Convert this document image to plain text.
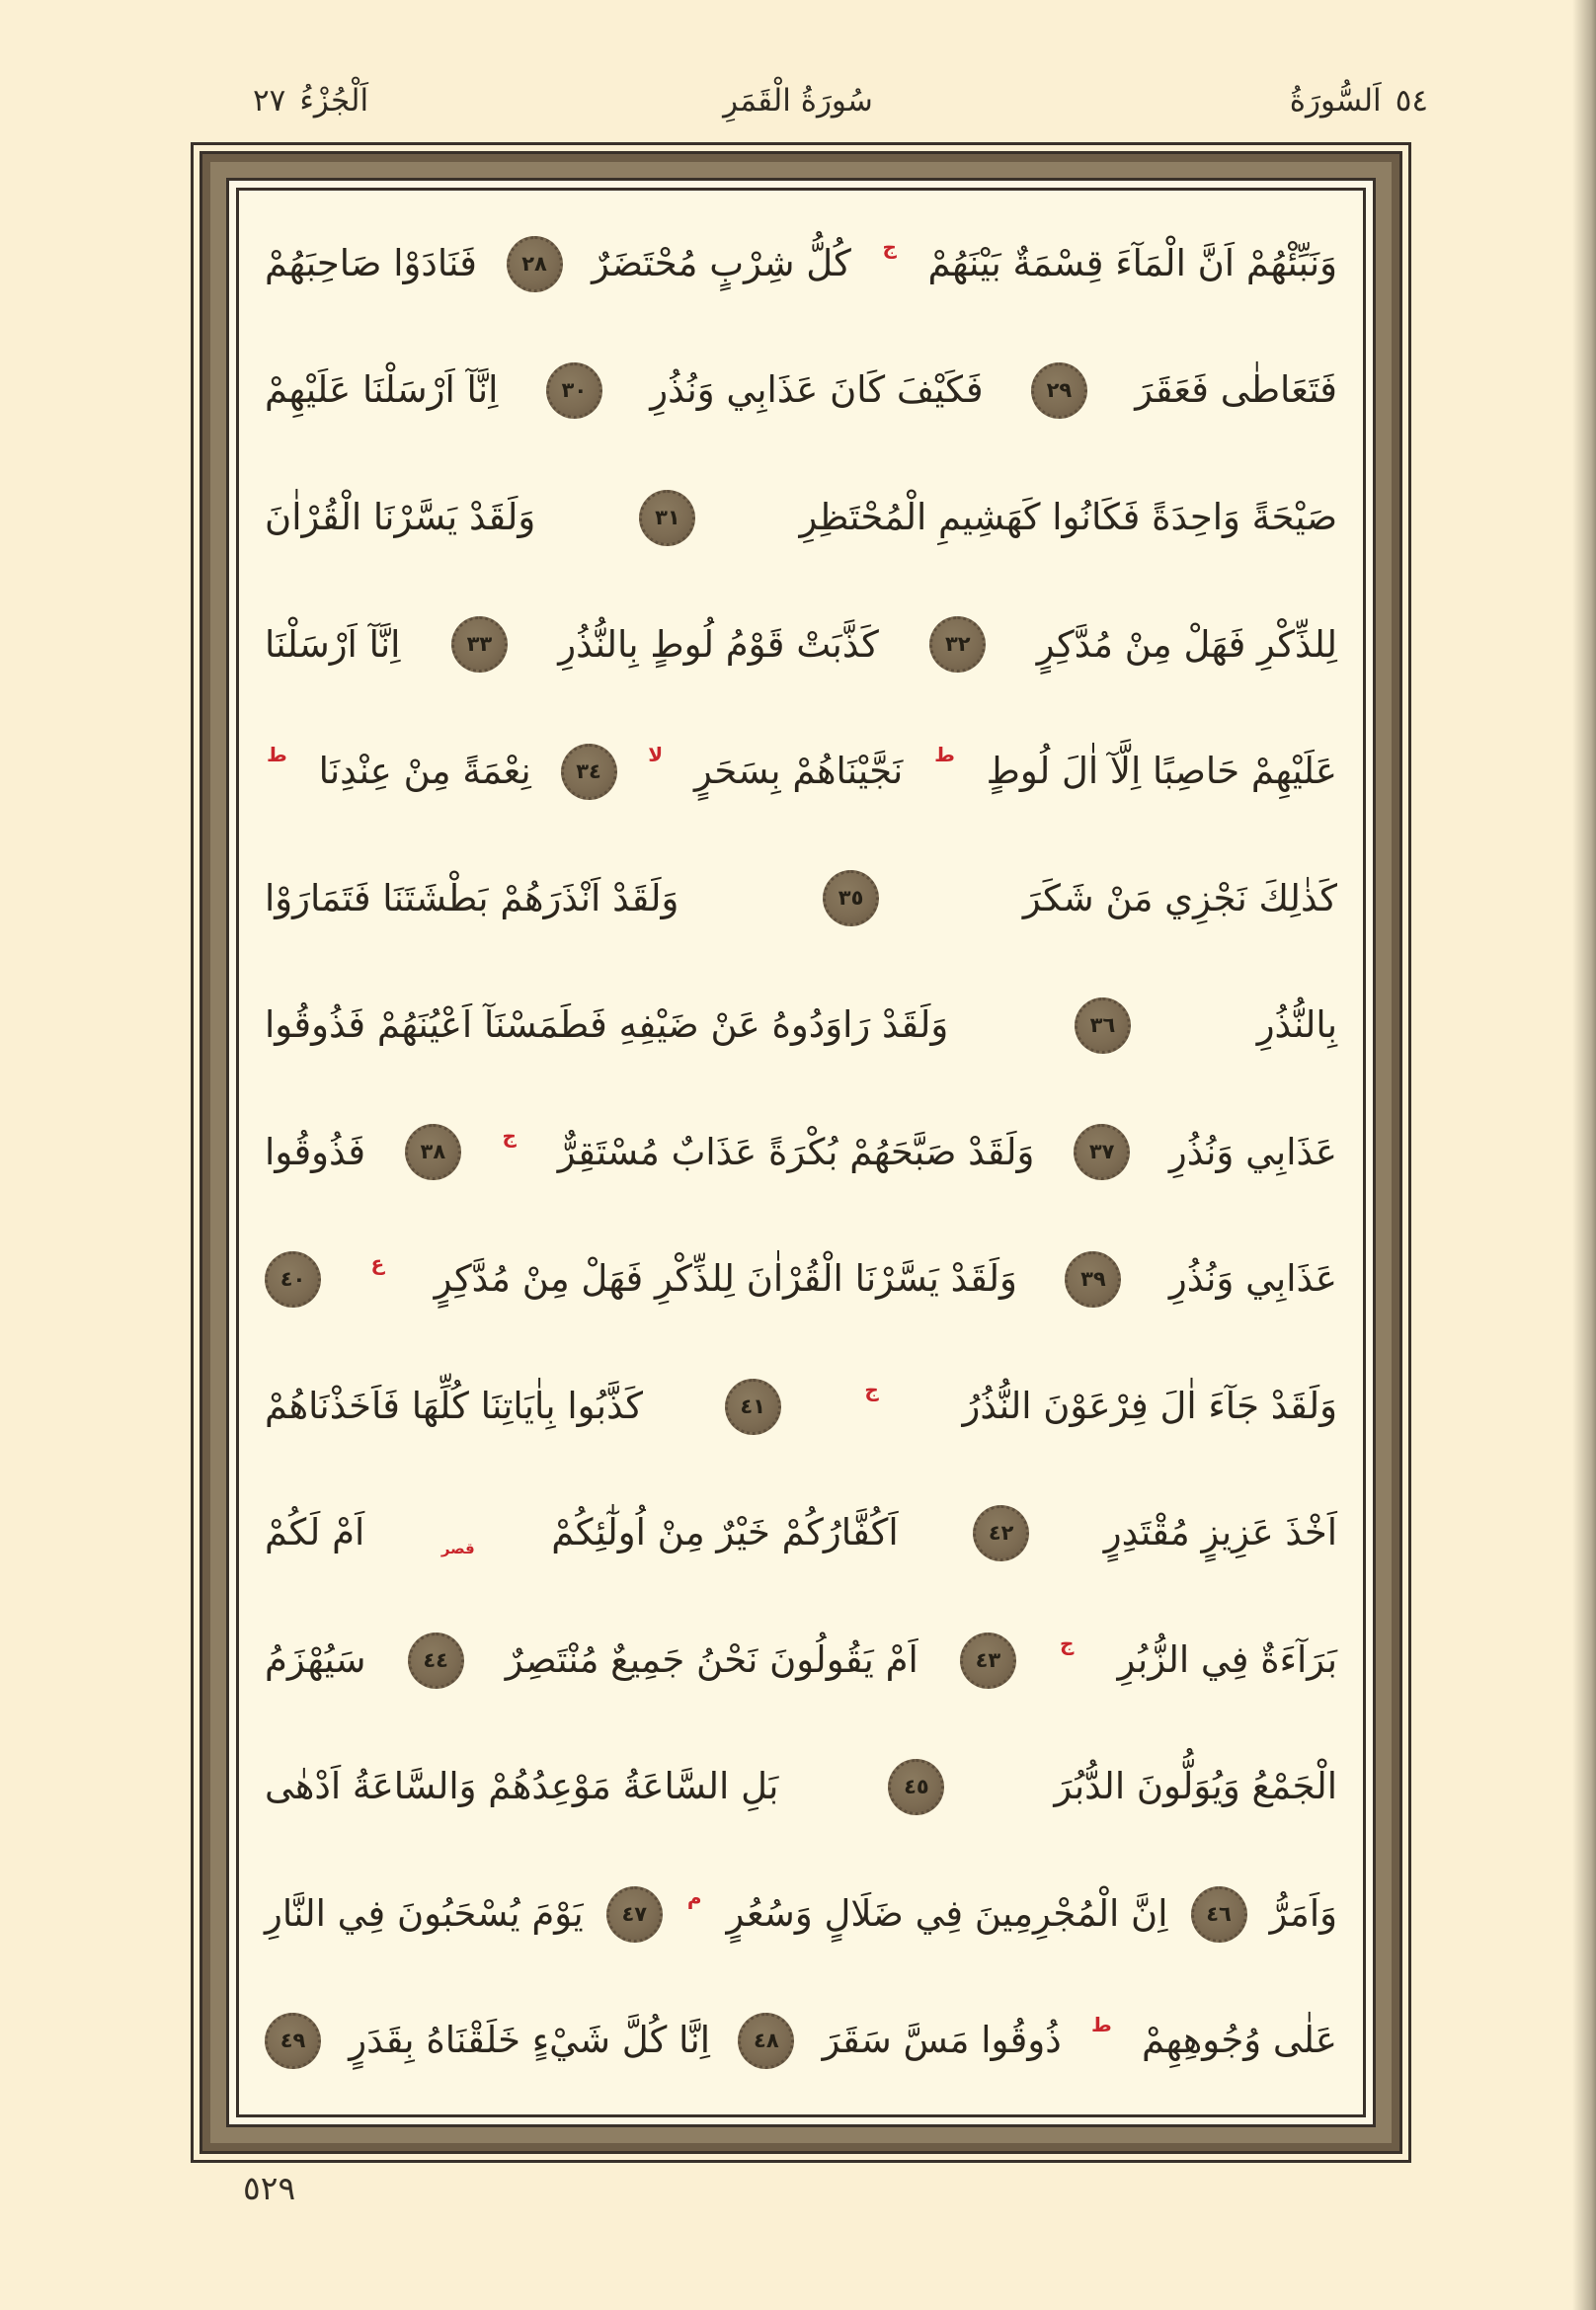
٢٧ اَلْجُزْءُ	سُورَةُ الْقَمَرِ	اَلسُّورَةُ ٥٤
وَنَبِّئْهُمْ اَنَّ الْمَآءَ قِسْمَةٌ بَيْنَهُمْ
ج
كُلُّ شِرْبٍ مُحْتَضَرٌ
٢٨
فَنَادَوْا صَاحِبَهُمْ
فَتَعَاطٰى فَعَقَرَ
٢٩
فَكَيْفَ كَانَ عَذَابِي وَنُذُرِ
٣٠
اِنَّآ اَرْسَلْنَا عَلَيْهِمْ
صَيْحَةً وَاحِدَةً فَكَانُوا كَهَشِيمِ الْمُحْتَظِرِ
٣١
وَلَقَدْ يَسَّرْنَا الْقُرْاٰنَ
لِلذِّكْرِ فَهَلْ مِنْ مُدَّكِرٍ
٣٢
كَذَّبَتْ قَوْمُ لُوطٍ بِالنُّذُرِ
٣٣
اِنَّآ اَرْسَلْنَا
عَلَيْهِمْ حَاصِبًا اِلَّآ اٰلَ لُوطٍ
ط
نَجَّيْنَاهُمْ بِسَحَرٍ
لا
٣٤
نِعْمَةً مِنْ عِنْدِنَا
ط
كَذٰلِكَ نَجْزِي مَنْ شَكَرَ
٣٥
وَلَقَدْ اَنْذَرَهُمْ بَطْشَتَنَا فَتَمَارَوْا
بِالنُّذُرِ
٣٦
وَلَقَدْ رَاوَدُوهُ عَنْ ضَيْفِهِ فَطَمَسْنَآ اَعْيُنَهُمْ فَذُوقُوا
عَذَابِي وَنُذُرِ
٣٧
وَلَقَدْ صَبَّحَهُمْ بُكْرَةً عَذَابٌ مُسْتَقِرٌّ
ج
٣٨
فَذُوقُوا
عَذَابِي وَنُذُرِ
٣٩
وَلَقَدْ يَسَّرْنَا الْقُرْاٰنَ لِلذِّكْرِ فَهَلْ مِنْ مُدَّكِرٍ
ع
٤٠
وَلَقَدْ جَآءَ اٰلَ فِرْعَوْنَ النُّذُرُ
ج
٤١
كَذَّبُوا بِاٰيَاتِنَا كُلِّهَا فَاَخَذْنَاهُمْ
اَخْذَ عَزِيزٍ مُقْتَدِرٍ
٤٢
اَكُفَّارُكُمْ خَيْرٌ مِنْ اُولٰٓئِكُمْ
قصر
اَمْ لَكُمْ
بَرَآءَةٌ فِي الزُّبُرِ
ج
٤٣
اَمْ يَقُولُونَ نَحْنُ جَمِيعٌ مُنْتَصِرٌ
٤٤
سَيُهْزَمُ
الْجَمْعُ وَيُوَلُّونَ الدُّبُرَ
٤٥
بَلِ السَّاعَةُ مَوْعِدُهُمْ وَالسَّاعَةُ اَدْهٰى
وَاَمَرُّ
٤٦
اِنَّ الْمُجْرِمِينَ فِي ضَلَالٍ وَسُعُرٍ
م
٤٧
يَوْمَ يُسْحَبُونَ فِي النَّارِ
عَلٰى وُجُوهِهِمْ
ط
ذُوقُوا مَسَّ سَقَرَ
٤٨
اِنَّا كُلَّ شَيْءٍ خَلَقْنَاهُ بِقَدَرٍ
٤٩
٥٢٩
